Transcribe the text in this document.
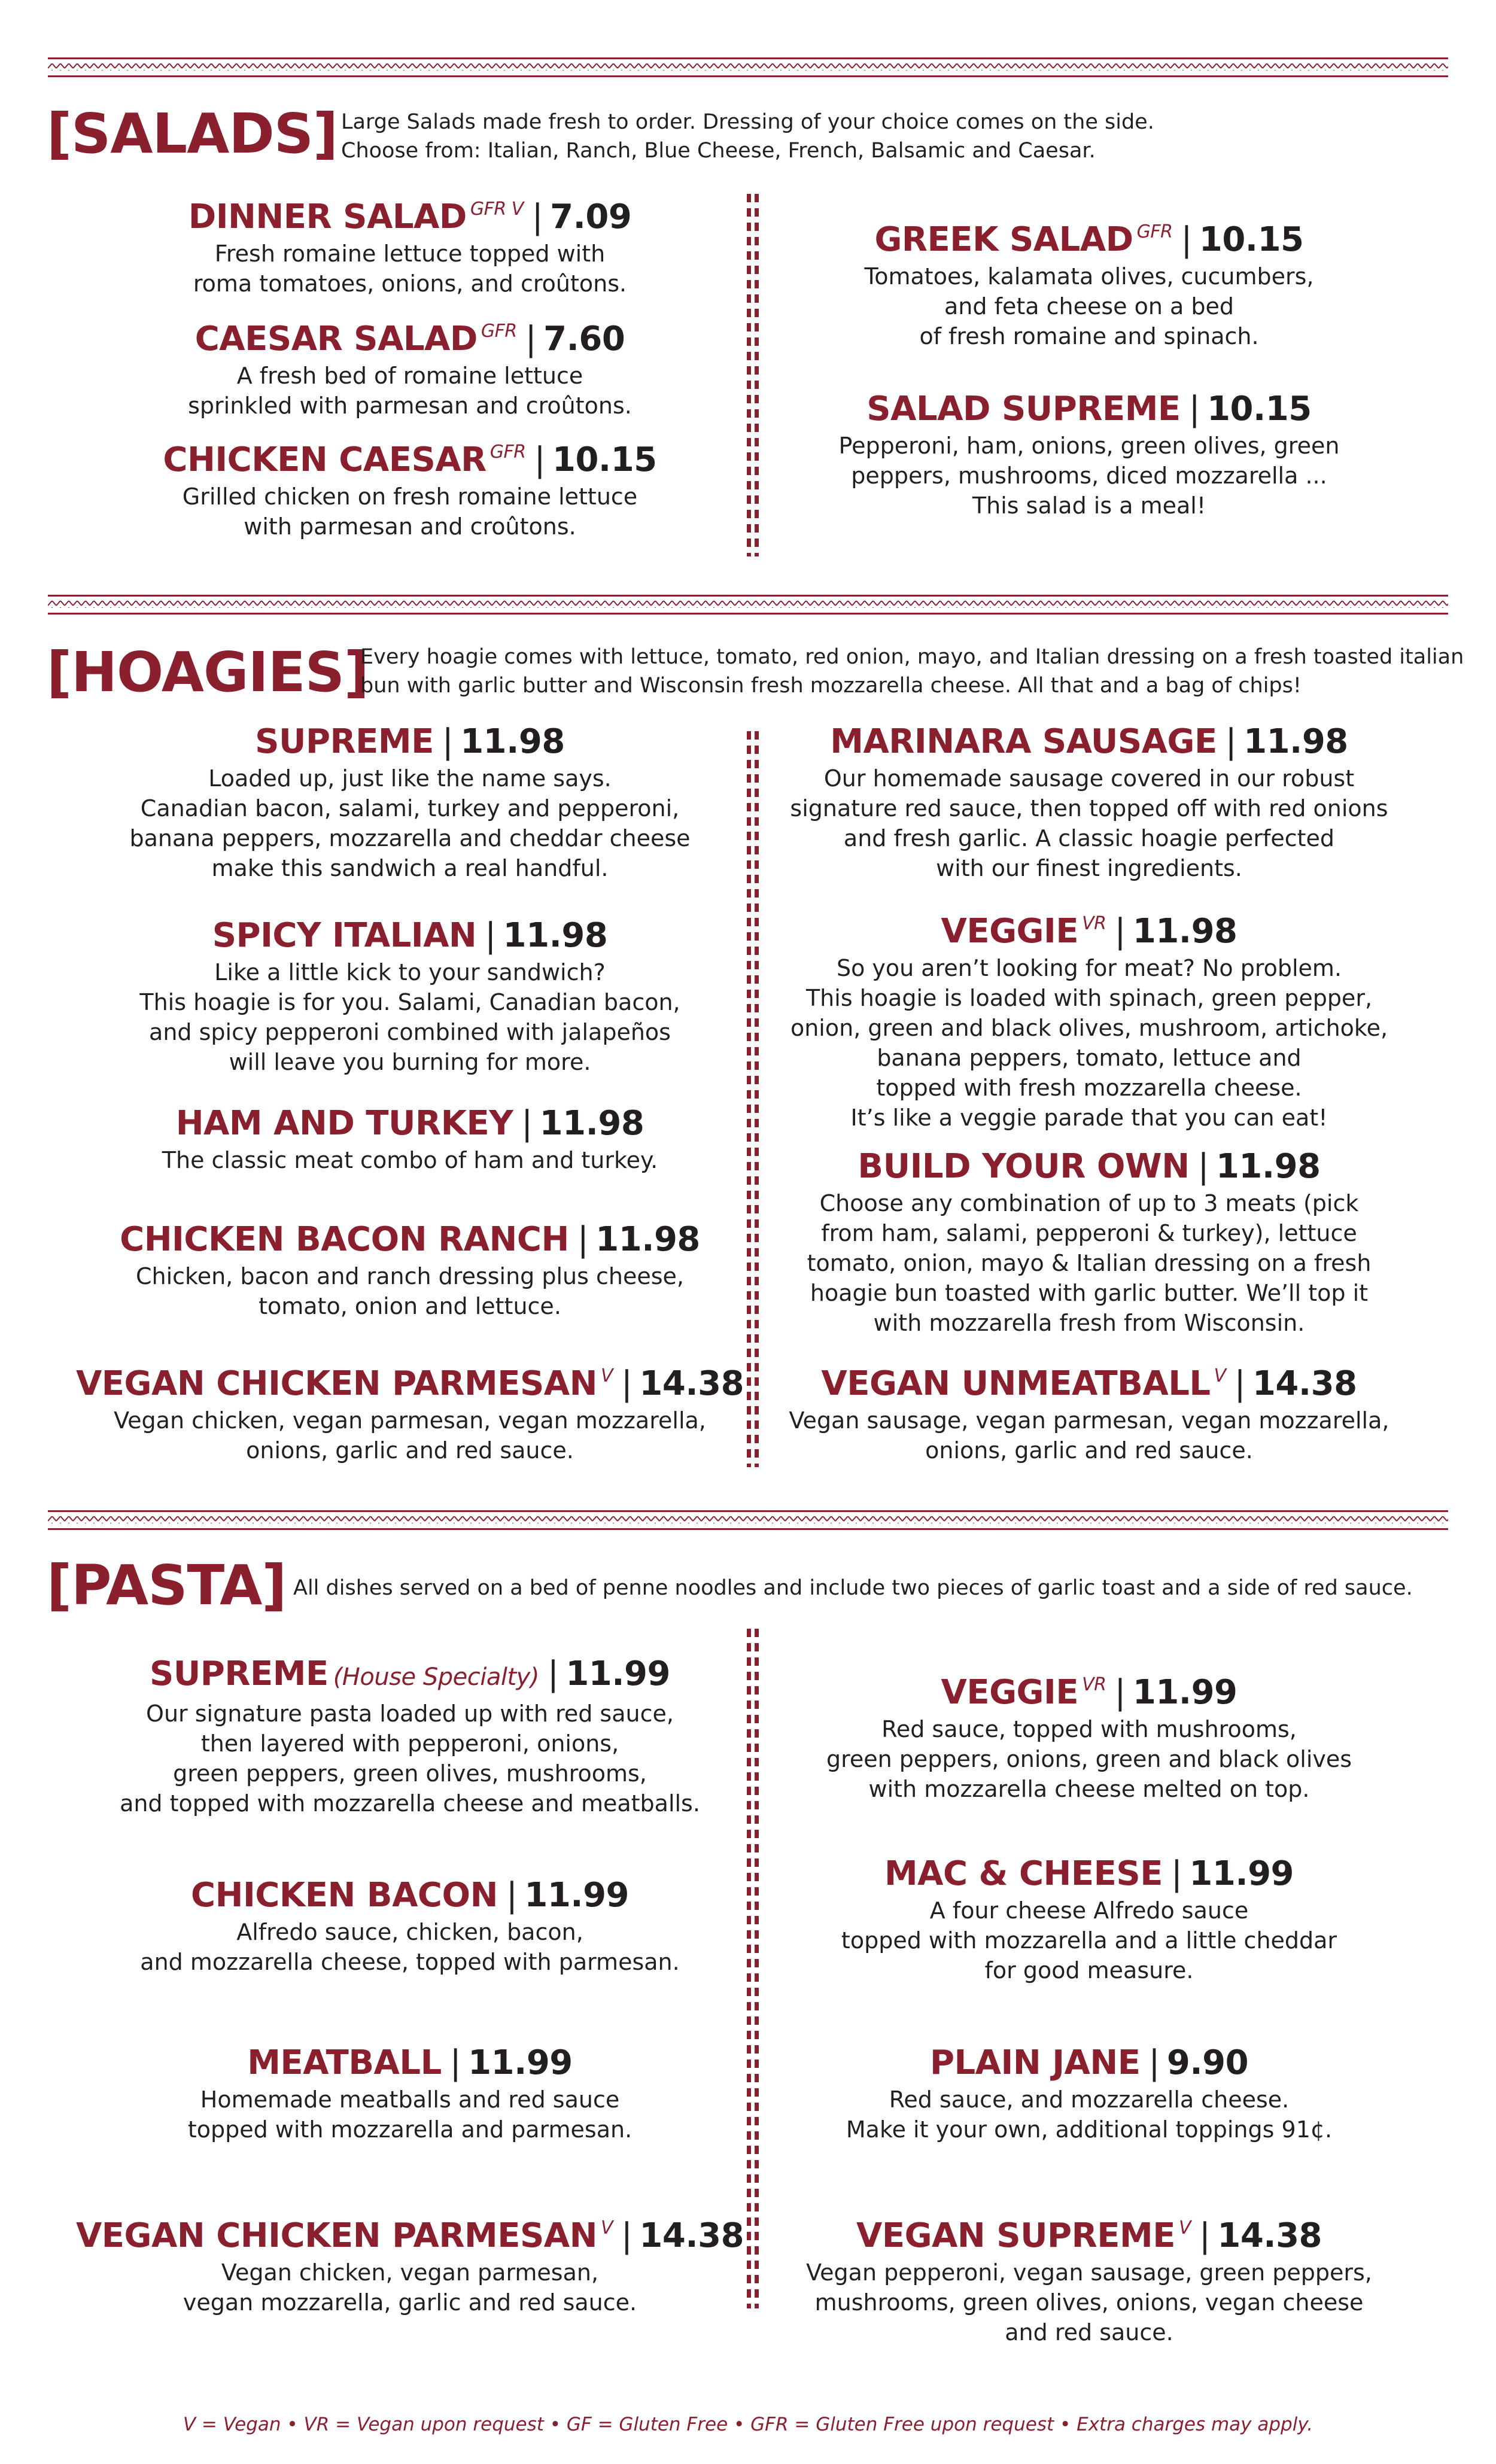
[SALADS] Large Salads made fresh to order. Dressing of your choice comes on the side.
Choose from: Italian, Ranch, Blue Cheese, French, Balsamic and Caesar.

DINNER SALAD $^{GFR V}$ | 7.09

Fresh romaine lettuce topped with
roma tomatoes, onions, and croûtons.

CAESAR SALAD $^{GFR}$ | 7.60

A fresh bed of romaine lettuce
sprinkled with parmesan and croûtons.

CHICKEN CAESAR $^{GFR}$ | 10.15

Grilled chicken on fresh romaine lettuce
with parmesan and croûtons.

GREEK SALAD $^{GFR}$ | 10.15

Tomatoes, kalamata olives, cucumbers,
and feta cheese on a bed
of fresh romaine and spinach.

SALAD SUPREME | 10.15

Pepperoni, ham, onions, green olives, green
peppers, mushrooms, diced mozzarella ...
This salad is a meal!

[HOAGIES]
Every hoagie comes with lettuce, tomato, red onion, mayo, and Italian dressing on a fresh toasted italian
bun with garlic butter and Wisconsin fresh mozzarella cheese. All that and a bag of chips!

SUPREME | 11.98

Loaded up, just like the name says.
Canadian bacon, salami, turkey and pepperoni,
banana peppers, mozzarella and cheddar cheese
make this sandwich a real handful.

SPICY ITALIAN | 11.98

Like a little kick to your sandwich?
This hoagie is for you. Salami, Canadian bacon,
and spicy pepperoni combined with jalapeños
will leave you burning for more.

HAM AND TURKEY | 11.98

The classic meat combo of ham and turkey.

CHICKEN BACON RANCH | 11.98

Chicken, bacon and ranch dressing plus cheese,
tomato, onion and lettuce.

VEGAN CHICKEN PARMESAN $^V$ | 14.38

Vegan chicken, vegan parmesan, vegan mozzarella,
onions, garlic and red sauce.

MARINARA SAUSAGE | 11.98

Our homemade sausage covered in our robust
signature red sauce, then topped off with red onions
and fresh garlic. A classic hoagie perfected
with our finest ingredients.

VEGGIE $^{VR}$ | 11.98

So you aren’t looking for meat? No problem.
This hoagie is loaded with spinach, green pepper,
onion, green and black olives, mushroom, artichoke,
banana peppers, tomato, lettuce and
topped with fresh mozzarella cheese.
It’s like a veggie parade that you can eat!

BUILD YOUR OWN | 11.98

Choose any combination of up to 3 meats (pick
from ham, salami, pepperoni & turkey), lettuce
tomato, onion, mayo & Italian dressing on a fresh
hoagie bun toasted with garlic butter. We’ll top it
with mozzarella fresh from Wisconsin.

VEGAN UNMEATBALL $^V$ | 14.38

Vegan sausage, vegan parmesan, vegan mozzarella,
onions, garlic and red sauce.

[PASTA] All dishes served on a bed of penne noodles and include two pieces of garlic toast and a side of red sauce.

SUPREME (House Specialty) | 11.99

Our signature pasta loaded up with red sauce,
then layered with pepperoni, onions,
green peppers, green olives, mushrooms,
and topped with mozzarella cheese and meatballs.

CHICKEN BACON | 11.99

Alfredo sauce, chicken, bacon,
and mozzarella cheese, topped with parmesan.

MEATBALL | 11.99

Homemade meatballs and red sauce
topped with mozzarella and parmesan.

VEGAN CHICKEN PARMESAN $^V$ | 14.38

Vegan chicken, vegan parmesan,
vegan mozzarella, garlic and red sauce.

VEGGIE $^{VR}$ | 11.99

Red sauce, topped with mushrooms,
green peppers, onions, green and black olives
with mozzarella cheese melted on top.

MAC & CHEESE | 11.99

A four cheese Alfredo sauce
topped with mozzarella and a little cheddar
for good measure.

PLAIN JANE | 9.90

Red sauce, and mozzarella cheese.
Make it your own, additional toppings 91¢.

VEGAN SUPREME $^V$ | 14.38

Vegan pepperoni, vegan sausage, green peppers,
mushrooms, green olives, onions, vegan cheese
and red sauce.

V = Vegan • VR = Vegan upon request • GF = Gluten Free • GFR = Gluten Free upon request • Extra charges may apply.
